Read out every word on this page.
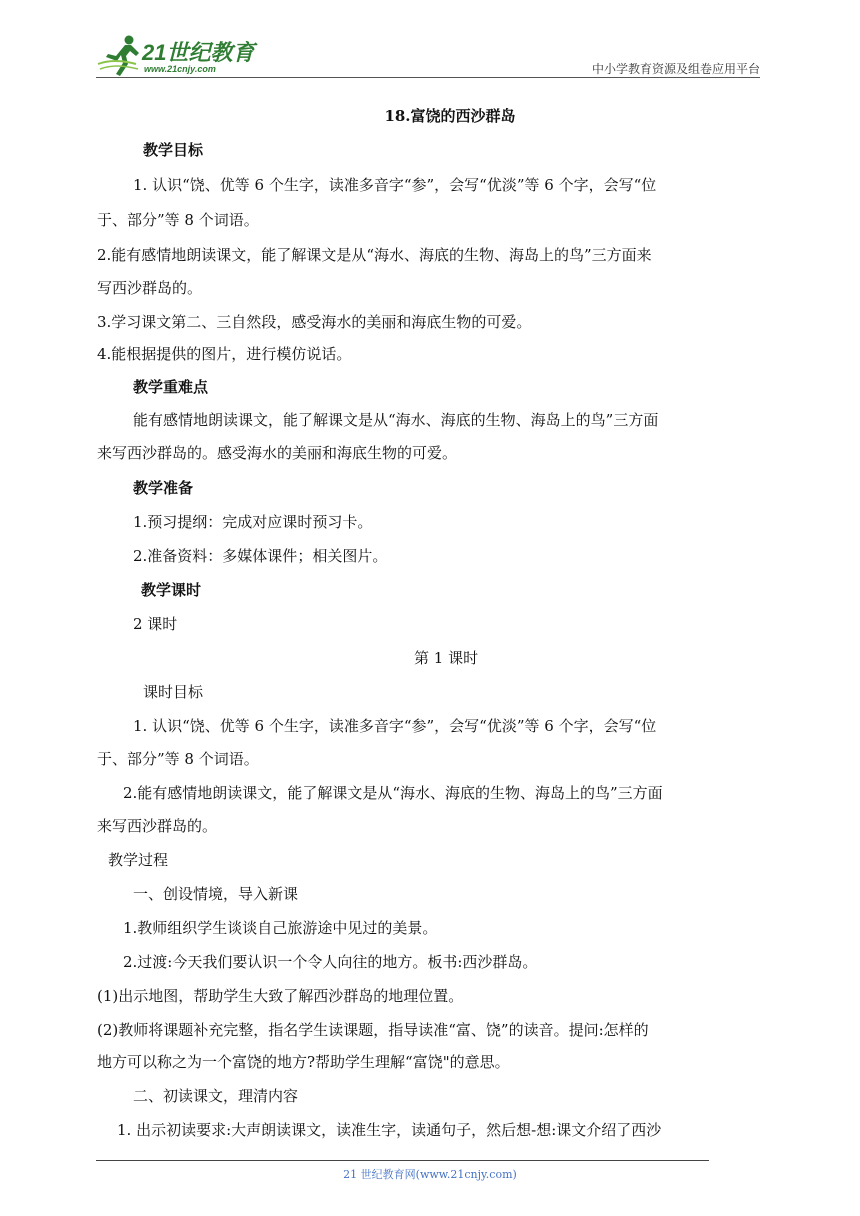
21世纪教育
www.21cnjy.com	中小学教育资源及组卷应用平台
18.富饶的西沙群岛
教学目标
1. 认识“饶、优等 6 个生字，读准多音字“参”，会写“优淡”等 6 个字，会写“位
于、部分”等 8 个词语。
2.能有感情地朗读课文，能了解课文是从“海水、海底的生物、海岛上的鸟”三方面来
写西沙群岛的。
3.学习课文第二、三自然段，感受海水的美丽和海底生物的可爱。
4.能根据提供的图片，进行模仿说话。
教学重难点
能有感情地朗读课文，能了解课文是从“海水、海底的生物、海岛上的鸟”三方面
来写西沙群岛的。感受海水的美丽和海底生物的可爱。
教学准备
1.预习提纲：完成对应课时预习卡。
2.准备资料：多媒体课件；相关图片。
教学课时
2 课时
第 1 课时
课时目标
1. 认识“饶、优等 6 个生字，读准多音字“参”，会写“优淡”等 6 个字，会写“位
于、部分”等 8 个词语。
2.能有感情地朗读课文，能了解课文是从“海水、海底的生物、海岛上的鸟”三方面
来写西沙群岛的。
教学过程
一、创设情境，导入新课
1.教师组织学生谈谈自己旅游途中见过的美景。
2.过渡:今天我们要认识一个令人向往的地方。板书:西沙群岛。
(1)出示地图，帮助学生大致了解西沙群岛的地理位置。
(2)教师将课题补充完整，指名学生读课题，指导读准“富、饶”的读音。提问:怎样的
地方可以称之为一个富饶的地方?帮助学生理解“富饶"的意思。
二、初读课文，理清内容
1. 出示初读要求:大声朗读课文，读准生字，读通句子，然后想-想:课文介绍了西沙
21 世纪教育网(www.21cnjy.com)
